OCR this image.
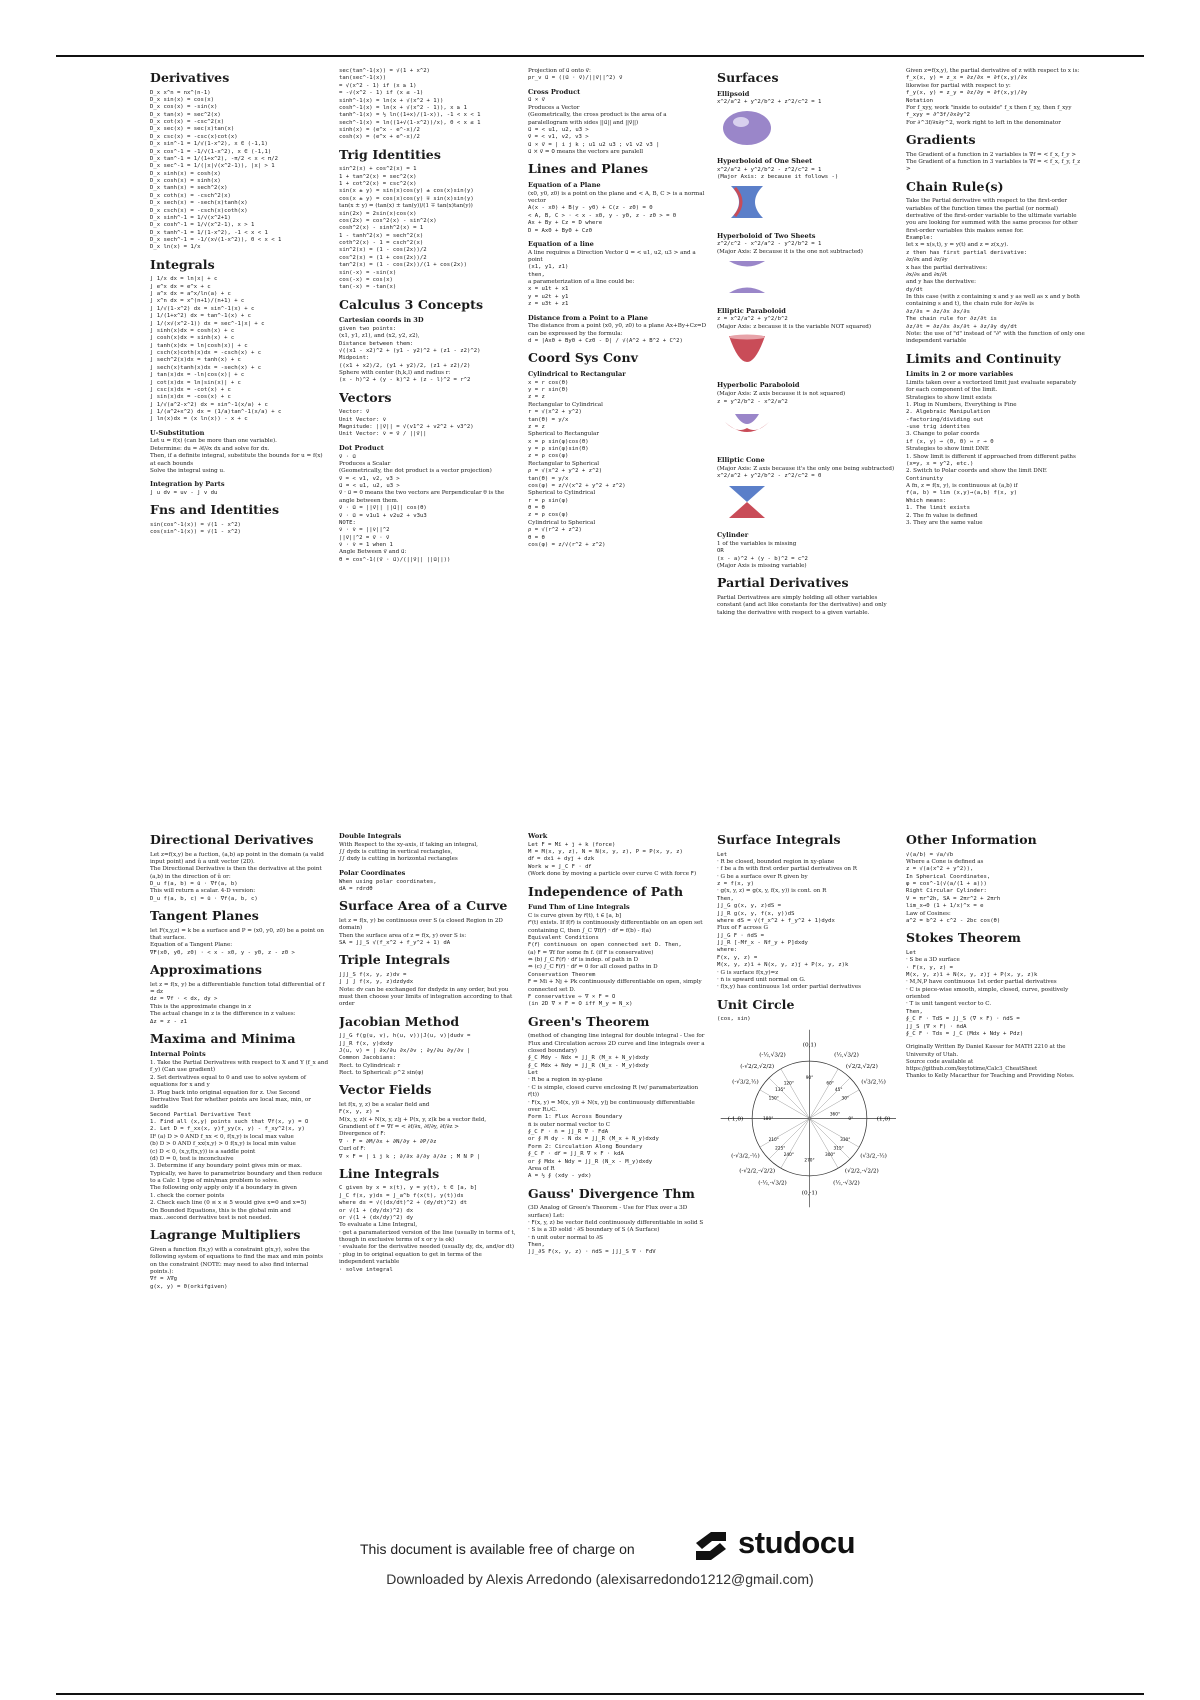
Derivatives
D_x x^n = nx^(n-1)
D_x sin(x) = cos(x)
D_x cos(x) = -sin(x)
D_x tan(x) = sec^2(x)
D_x cot(x) = -csc^2(x)
D_x sec(x) = sec(x)tan(x)
D_x csc(x) = -csc(x)cot(x)
D_x sin^-1 = 1/√(1-x^2), x ∈ (-1,1)
D_x cos^-1 = -1/√(1-x^2), x ∈ (-1,1)
D_x tan^-1 = 1/(1+x^2), -π/2 < x < π/2
D_x sec^-1 = 1/(|x|√(x^2-1)), |x| > 1
D_x sinh(x) = cosh(x)
D_x cosh(x) = sinh(x)
D_x tanh(x) = sech^2(x)
D_x coth(x) = -csch^2(x)
D_x sech(x) = -sech(x)tanh(x)
D_x csch(x) = -csch(x)coth(x)
D_x sinh^-1 = 1/√(x^2+1)
D_x cosh^-1 = 1/√(x^2-1), x > 1
D_x tanh^-1 = 1/(1-x^2), -1 < x < 1
D_x sech^-1 = -1/(x√(1-x^2)), 0 < x < 1
D_x ln(x) = 1/x
Integrals
∫ 1/x dx = ln|x| + c
∫ e^x dx = e^x + c
∫ a^x dx = a^x/ln(a) + c
∫ x^n dx = x^(n+1)/(n+1) + c
∫ 1/√(1-x^2) dx = sin^-1(x) + c
∫ 1/(1+x^2) dx = tan^-1(x) + c
∫ 1/(x√(x^2-1)) dx = sec^-1|x| + c
∫ sinh(x)dx = cosh(x) + c
∫ cosh(x)dx = sinh(x) + c
∫ tanh(x)dx = ln|cosh(x)| + c
∫ csch(x)coth(x)dx = -csch(x) + c
∫ sech^2(x)dx = tanh(x) + c
∫ sech(x)tanh(x)dx = -sech(x) + c
∫ tan(x)dx = -ln|cos(x)| + c
∫ cot(x)dx = ln|sin(x)| + c
∫ csc(x)dx = -cot(x) + c
∫ sin(x)dx = -cos(x) + c
∫ 1/√(a^2-x^2) dx = sin^-1(x/a) + c
∫ 1/(a^2+x^2) dx = (1/a)tan^-1(x/a) + c
∫ ln(x)dx = (x ln(x)) - x + c
U-Substitution
Let u = f(x) (can be more than one variable).
Determine: du = ∂f/∂x dx and solve for dx.
Then, if a definite integral, substitute the bounds for u = f(x) at each bounds
Solve the integral using u.
Integration by Parts
∫ u dv = uv - ∫ v du
Fns and Identities
sin(cos^-1(x)) = √(1 - x^2)
cos(sin^-1(x)) = √(1 - x^2)
sec(tan^-1(x)) = √(1 + x^2)
tan(sec^-1(x))
= √(x^2 - 1) if (x ≥ 1)
= -√(x^2 - 1) if (x ≤ -1)
sinh^-1(x) = ln(x + √(x^2 + 1))
cosh^-1(x) = ln(x + √(x^2 - 1)), x ≥ 1
tanh^-1(x) = ½ ln((1+x)/(1-x)), -1 < x < 1
sech^-1(x) = ln((1+√(1-x^2))/x), 0 < x ≤ 1
sinh(x) = (e^x - e^-x)/2
cosh(x) = (e^x + e^-x)/2
Trig Identities
sin^2(x) + cos^2(x) = 1
1 + tan^2(x) = sec^2(x)
1 + cot^2(x) = csc^2(x)
sin(x ± y) = sin(x)cos(y) ± cos(x)sin(y)
cos(x ± y) = cos(x)cos(y) ∓ sin(x)sin(y)
tan(x ± y) = (tan(x) ± tan(y))/(1 ∓ tan(x)tan(y))
sin(2x) = 2sin(x)cos(x)
cos(2x) = cos^2(x) - sin^2(x)
cosh^2(x) - sinh^2(x) = 1
1 - tanh^2(x) = sech^2(x)
coth^2(x) - 1 = csch^2(x)
sin^2(x) = (1 - cos(2x))/2
cos^2(x) = (1 + cos(2x))/2
tan^2(x) = (1 - cos(2x))/(1 + cos(2x))
sin(-x) = -sin(x)
cos(-x) = cos(x)
tan(-x) = -tan(x)
Calculus 3 Concepts
Cartesian coords in 3D
given two points:
(x1, y1, z1), and (x2, y2, z2),
Distance between them:
√((x1 - x2)^2 + (y1 - y2)^2 + (z1 - z2)^2)
Midpoint:
((x1 + x2)/2, (y1 + y2)/2, (z1 + z2)/2)
Sphere with center (h,k,l) and radius r:
(x - h)^2 + (y - k)^2 + (z - l)^2 = r^2
Vectors
Vector: v⃗
Unit Vector: v̂
Magnitude: ||v⃗|| = √(v1^2 + v2^2 + v3^2)
Unit Vector: v̂ = v⃗ / ||v⃗||
Dot Product
v⃗ · u⃗
Produces a Scalar
(Geometrically, the dot product is a vector projection)
v⃗ = < v1, v2, v3 >
u⃗ = < u1, u2, u3 >
v⃗ · u⃗ = 0 means the two vectors are Perpendicular θ is the angle between them.
v⃗ · u⃗ = ||v⃗|| ||u⃗|| cos(θ)
v⃗ · u⃗ = v1u1 + v2u2 + v3u3
NOTE:
v̂ · v̂ = ||v̂||^2
||v⃗||^2 = v⃗ · v⃗
v̂ · v̂ = 1 when 1
Angle Between v⃗ and u⃗:
θ = cos^-1((v⃗ · u⃗)/(||v⃗|| ||u⃗||))
Projection of u⃗ onto v⃗:
pr_v u⃗ = ((u⃗ · v⃗)/||v⃗||^2) v⃗
Cross Product
u⃗ × v⃗
Produces a Vector
(Geometrically, the cross product is the area of a paralellogram with sides ||u⃗|| and ||v⃗||)
u⃗ = < u1, u2, u3 >
v⃗ = < v1, v2, v3 >
u⃗ × v⃗ = | i j k ; u1 u2 u3 ; v1 v2 v3 |
u⃗ × v⃗ = 0⃗ means the vectors are paralell
Lines and Planes
Equation of a Plane
(x0, y0, z0) is a point on the plane and < A, B, C > is a normal vector
A(x - x0) + B(y - y0) + C(z - z0) = 0
< A, B, C > · < x - x0, y - y0, z - z0 > = 0
Ax + By + Cz = D where
D = Ax0 + By0 + Cz0
Equation of a line
A line requires a Direction Vector u⃗ = < u1, u2, u3 > and a point
(x1, y1, z1)
then,
a parameterization of a line could be:
x = u1t + x1
y = u2t + y1
z = u3t + z1
Distance from a Point to a Plane
The distance from a point (x0, y0, z0) to a plane Ax+By+Cz=D can be expressed by the formula:
d = |Ax0 + By0 + Cz0 - D| / √(A^2 + B^2 + C^2)
Coord Sys Conv
Cylindrical to Rectangular
x = r cos(θ)
y = r sin(θ)
z = z
Rectangular to Cylindrical
r = √(x^2 + y^2)
tan(θ) = y/x
z = z
Spherical to Rectangular
x = ρ sin(φ)cos(θ)
y = ρ sin(φ)sin(θ)
z = ρ cos(φ)
Rectangular to Spherical
ρ = √(x^2 + y^2 + z^2)
tan(θ) = y/x
cos(φ) = z/√(x^2 + y^2 + z^2)
Spherical to Cylindrical
r = ρ sin(φ)
θ = θ
z = ρ cos(φ)
Cylindrical to Spherical
ρ = √(r^2 + z^2)
θ = θ
cos(φ) = z/√(r^2 + z^2)
Surfaces
Ellipsoid
x^2/a^2 + y^2/b^2 + z^2/c^2 = 1
Hyperboloid of One Sheet
x^2/a^2 + y^2/b^2 - z^2/c^2 = 1
(Major Axis: z because it follows -)
Hyperboloid of Two Sheets
z^2/c^2 - x^2/a^2 - y^2/b^2 = 1
(Major Axis: Z because it is the one not subtracted)
Elliptic Paraboloid
z = x^2/a^2 + y^2/b^2
(Major Axis: z because it is the variable NOT squared)
Hyperbolic Paraboloid
(Major Axis: Z axis because it is not squared)
z = y^2/b^2 - x^2/a^2
Elliptic Cone
(Major Axis: Z axis because it's the only one being subtracted)
x^2/a^2 + y^2/b^2 - z^2/c^2 = 0
Cylinder
1 of the variables is missing
OR
(x - a)^2 + (y - b)^2 = c^2
(Major Axis is missing variable)
Partial Derivatives
Partial Derivatives are simply holding all other variables constant (and act like constants for the derivative) and only taking the derivative with respect to a given variable.
Given z=f(x,y), the partial derivative of z with respect to x is:
f_x(x, y) = z_x = ∂z/∂x = ∂f(x,y)/∂x
likewise for partial with respect to y:
f_y(x, y) = z_y = ∂z/∂y = ∂f(x,y)/∂y
Notation
For f_xyy, work "inside to outside" f_x then f_xy, then f_xyy
f_xyy = ∂^3f/∂x∂y^2
For ∂^3f/∂x∂y^2, work right to left in the denominator
Gradients
The Gradient of a function in 2 variables is ∇f = < f_x, f_y >
The Gradient of a function in 3 variables is ∇f = < f_x, f_y, f_z >
Chain Rule(s)
Take the Partial derivative with respect to the first-order variables of the function times the partial (or normal) derivative of the first-order variable to the ultimate variable you are looking for summed with the same process for other first-order variables this makes sense for.
Example:
let x = x(s,t), y = y(t) and z = z(x,y).
z then has first partial derivative:
∂z/∂x and ∂z/∂y
x has the partial derivatives:
∂x/∂s and ∂x/∂t
and y has the derivative:
dy/dt
In this case (with z containing x and y as well as x and y both containing s and t), the chain rule for ∂z/∂s is
∂z/∂s = ∂z/∂x ∂x/∂s
The chain rule for ∂z/∂t is
∂z/∂t = ∂z/∂x ∂x/∂t + ∂z/∂y dy/dt
Note: the use of "d" instead of "∂" with the function of only one independent variable
Limits and Continuity
Limits in 2 or more variables
Limits taken over a vectorized limit just evaluate separately for each component of the limit.
Strategies to show limit exists
1. Plug in Numbers, Everything is Fine
2. Algebraic Manipulation
-factoring/dividing out
-use trig identites
3. Change to polar coords
if (x, y) → (0, 0) ⇔ r → 0
Strategies to show limit DNE
1. Show limit is different if approached from different paths
(x=y, x = y^2, etc.)
2. Switch to Polar coords and show the limit DNE
Continunity
A fn, z = f(x, y), is continuous at (a,b) if
f(a, b) = lim (x,y)→(a,b) f(x, y)
Which means:
1. The limit exists
2. The fn value is defined
3. They are the same value
Directional Derivatives
Let z=f(x,y) be a fuction, (a,b) ap point in the domain (a valid input point) and û a unit vector (2D).
The Directional Derivative is then the derivative at the point (a,b) in the direction of û or:
D_u f(a, b) = û · ∇f(a, b)
This will return a scalar. 4-D version:
D_u f(a, b, c) = û · ∇f(a, b, c)
Tangent Planes
let F(x,y,z) = k be a surface and P = (x0, y0, z0) be a point on that surface.
Equation of a Tangent Plane:
∇F(x0, y0, z0) · < x - x0, y - y0, z - z0 >
Approximations
let z = f(x, y) be a differentiable function total differential of f = dz
dz = ∇f · < dx, dy >
This is the approximate change in z
The actual change in z is the difference in z values:
Δz = z - z1
Maxima and Minima
Internal Points
1. Take the Partial Derivatives with respect to X and Y (f_x and f_y) (Can use gradient)
2. Set derivatives equal to 0 and use to solve system of equations for x and y
3. Plug back into original equation for z. Use Second Derivative Test for whether points are local max, min, or saddle
Second Partial Derivative Test
1. Find all (x,y) points such that ∇f(x, y) = 0⃗
2. Let D = f_xx(x, y)f_yy(x, y) - f_xy^2(x, y)
IF (a) D > 0 AND f_xx < 0, f(x,y) is local max value
(b) D > 0 AND f_xx(x,y) > 0 f(x,y) is local min value
(c) D < 0, (x,y,f(x,y)) is a saddle point
(d) D = 0, test is inconclusive
3. Determine if any boundary point gives min or max. Typically, we have to parametrize boundary and then reduce to a Calc 1 type of min/max problem to solve.
The following only apply only if a boundary in given
1. check the corner points
2. Check each line (0 ≤ x ≤ 5 would give x=0 and x=5)
On Bounded Equations, this is the global min and max...second derivative test is not needed.
Lagrange Multipliers
Given a function f(x,y) with a constraint g(x,y), solve the following system of equations to find the max and min points on the constraint (NOTE: may need to also find internal points.):
∇f = λ∇g
g(x, y) = 0(orkifgiven)
Double Integrals
With Respect to the xy-axis, if taking an integral,
∫∫ dydx is cutting in vertical rectangles,
∫∫ dxdy is cutting in horizontal rectangles
Polar Coordinates
When using polar coordinates,
dA = rdrdθ
Surface Area of a Curve
let z = f(x, y) be continuous over S (a closed Region in 2D domain)
Then the surface area of z = f(x, y) over S is:
SA = ∫∫_S √(f_x^2 + f_y^2 + 1) dA
Triple Integrals
∫∫∫_S f(x, y, z)dv =
∫ ∫ ∫ f(x, y, z)dzdydx
Note: dv can be exchanged for dxdydz in any order, but you must then choose your limits of integration according to that order
Jacobian Method
∫∫_G f(g(u, v), h(u, v))|J(u, v)|dudv =
∫∫_R f(x, y)dxdy
J(u, v) = | ∂x/∂u ∂x/∂v ; ∂y/∂u ∂y/∂v |
Common Jacobians:
Rect. to Cylindrical: r
Rect. to Spherical: ρ^2 sin(φ)
Vector Fields
let f(x, y, z) be a scalar field and
F⃗(x, y, z) =
M(x, y, z)î + N(x, y, z)ĵ + P(x, y, z)k̂ be a vector field,
Grandient of f = ∇f = < ∂f/∂x, ∂f/∂y, ∂f/∂z >
Divergence of F⃗:
∇ · F⃗ = ∂M/∂x + ∂N/∂y + ∂P/∂z
Curl of F⃗:
∇ × F⃗ = | î ĵ k̂ ; ∂/∂x ∂/∂y ∂/∂z ; M N P |
Line Integrals
C given by x = x(t), y = y(t), t ∈ [a, b]
∫_C f(x, y)ds = ∫_a^b f(x(t), y(t))ds
where ds = √((dx/dt)^2 + (dy/dt)^2) dt
or √(1 + (dy/dx)^2) dx
or √(1 + (dx/dy)^2) dy
To evaluate a Line Integral,
· get a paramaterized version of the line (usually in terms of t, though in exclusive terms of x or y is ok)
· evaluate for the derivative needed (usually dy, dx, and/or dt)
· plug in to original equation to get in terms of the independent variable
· solve integral
Work
Let F⃗ = Mî + ĵ + k̂ (force)
M = M(x, y, z), N = N(x, y, z), P = P(x, y, z)
dr⃗ = dxî + dyĵ + dzk̂
Work w = ∫_C F⃗ · dr⃗
(Work done by moving a particle over curve C with force F⃗)
Independence of Path
Fund Thm of Line Integrals
C is curve given by r⃗(t), t ∈ [a, b]
r⃗'(t) exists. If f(r⃗) is continuously differentiable on an open set containing C, then ∫_C ∇f(r⃗) · dr⃗ = f(b) - f(a)
Equivalent Conditions
F⃗(r⃗) continuous on open connected set D. Then,
(a) F⃗ = ∇f for some fn f. (if F⃗ is conservative)
⇔ (b) ∫_C F⃗(r⃗) · dr⃗ is indep. of path in D
⇔ (c) ∫_C F⃗(r⃗) · dr⃗ = 0 for all closed paths in D
Conservation Theorem
F⃗ = Mî + Nĵ + Pk̂ continuously differentiable on open, simply connected set D.
F⃗ conservative ⇔ ∇ × F⃗ = 0⃗
(in 2D ∇ × F⃗ = 0⃗ iff M_y = N_x)
Green's Theorem
(method of changing line integral for double integral - Use for Flux and Circulation across 2D curve and line integrals over a closed boundary)
∮_C Mdy - Ndx = ∫∫_R (M_x + N_y)dxdy
∮_C Mdx + Ndy = ∫∫_R (N_x - M_y)dxdy
Let
· R be a region in xy-plane
· C is simple, closed curve enclosing R (w/ paramaterization r⃗(t))
· F⃗(x, y) = M(x, y)î + N(x, y)ĵ be continuously differentiable over R∪C.
Form 1: Flux Across Boundary
n̂ is outer normal vector to C
∮_C F⃗ · n̂ = ∫∫_R ∇ · F⃗dA
or ∮ M dy - N dx = ∫∫_R (M_x + N_y)dxdy
Form 2: Circulation Along Boundary
∮_C F⃗ · dr⃗ = ∫∫_R ∇ × F⃗ · k̂dA
or ∮ Mdx + Ndy = ∫∫_R (N_x - M_y)dxdy
Area of R
A = ½ ∮ (xdy - ydx)
Gauss' Divergence Thm
(3D Analog of Green's Theorem - Use for Flux over a 3D surface) Let:
· F⃗(x, y, z) be vector field continuously differentiable in solid S
· S is a 3D solid · ∂S boundary of S (A Surface)
· n̂ unit outer normal to ∂S
Then,
∫∫_∂S F⃗(x, y, z) · n̂dS = ∫∫∫_S ∇ · F⃗dV
Surface Integrals
Let
· R be closed, bounded region in xy-plane
· f be a fn with first order partial derivatives on R
· G be a surface over R given by
z = f(x, y)
· g(x, y, z) = g(x, y, f(x, y)) is cont. on R
Then,
∫∫_G g(x, y, z)dS =
∫∫_R g(x, y, f(x, y))dS
where dS = √(f_x^2 + f_y^2 + 1)dydx
Flux of F⃗ across G
∫∫_G F⃗ · n̂dS =
∫∫_R [-Mf_x - Nf_y + P]dxdy
where:
F⃗(x, y, z) =
M(x, y, z)î + N(x, y, z)ĵ + P(x, y, z)k̂
· G is surface f(x,y)=z
· n̂ is upward unit normal on G.
· f(x,y) has continuous 1st order partial derivatives
Unit Circle
(cos, sin)
(0,1)
90°
(½,√3/2)
60°
(√2/2,√2/2)
45°
(√3/2,½)
30°
(1,0)
0°
(√3/2,-½)
330°
(√2/2,-√2/2)
315°
(½,-√3/2)
300°
(0,-1)
270°
(-½,-√3/2)
240°
(-√2/2,-√2/2)
225°
(-√3/2,-½)
210°
(-1,0)	180°
(-√3/2,½)
150°
(-√2/2,√2/2)
135°
(-½,√3/2)
120°
360°
Other Information
√(a/b) = √a/√b
Where a Cone is defined as
z = √(a(x^2 + y^2)),
In Spherical Coordinates,
φ = cos^-1(√(a/(1 + a)))
Right Circular Cylinder:
V = πr^2h, SA = 2πr^2 + 2πrh
lim_x→0 (1 + 1/x)^x = e
Law of Cosines:
a^2 = b^2 + c^2 - 2bc cos(θ)
Stokes Theorem
Let
· S be a 3D surface
· F⃗(x, y, z) =
M(x, y, z)î + N(x, y, z)ĵ + P(x, y, z)k̂
· M,N,P have continuous 1st order partial derivatives
· C is piece-wise smooth, simple, closed, curve, positively oriented
· T̂ is unit tangent vector to C.
Then,
∮_C F⃗ · T̂dS = ∫∫_S (∇ × F⃗) · n̂dS =
∫∫_S (∇ × F⃗) · n̂dA
∮_C F⃗ · T̂ds = ∫_C (Mdx + Ndy + Pdz)
Originally Written By Daniel Kassar for MATH 2210 at the University of Utah.
Source code available at
https://github.com/keytotime/Calc3_CheatSheet
Thanks to Kelly Macarthur for Teaching and Providing Notes.
This document is available free of charge on	studocu
Downloaded by Alexis Arredondo (alexisarredondo1212@gmail.com)
